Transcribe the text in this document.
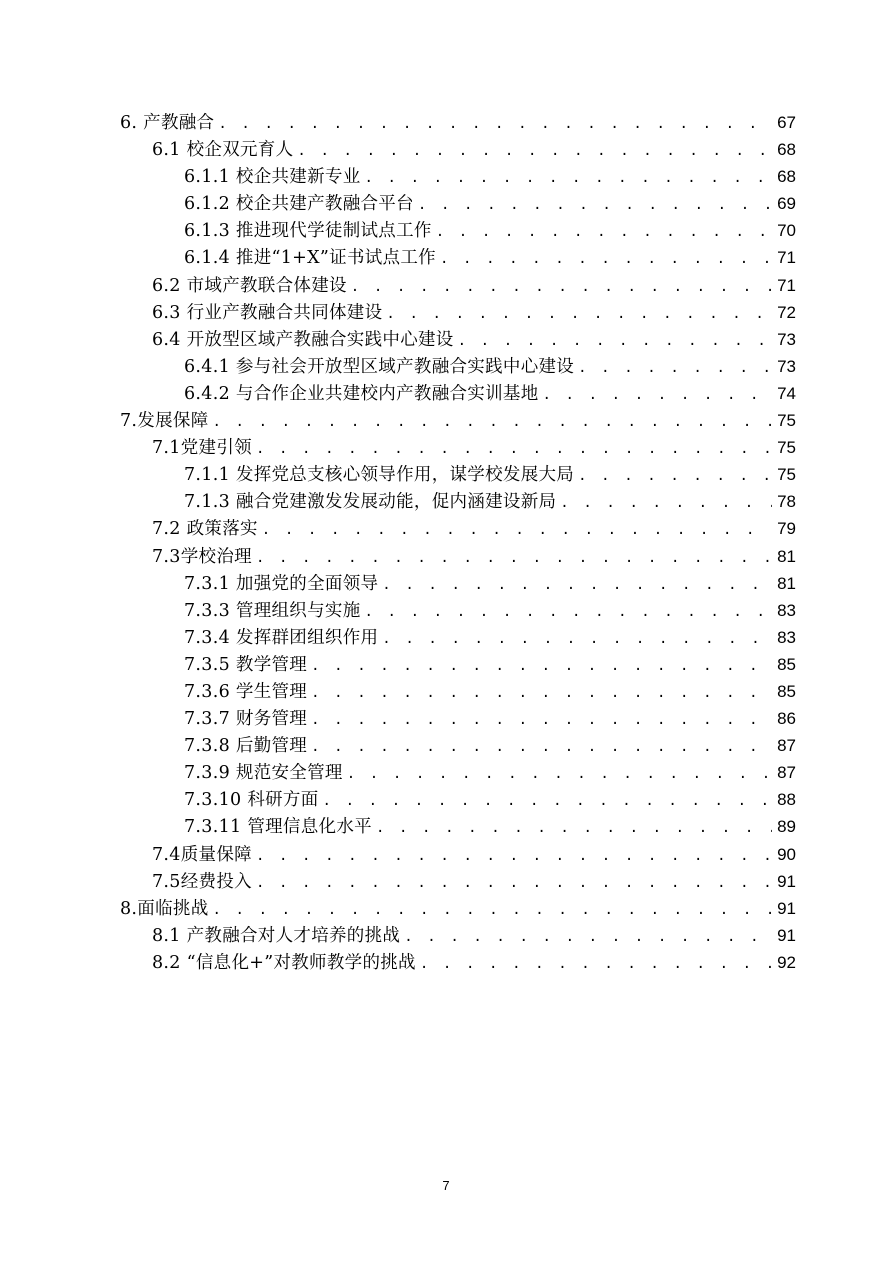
6. 产教融合 . . .	67
6.1 校企双元育人 . . .	68
6.1.1 校企共建新专业 . . .	68
6.1.2 校企共建产教融合平台 . . .	69
6.1.3 推进现代学徒制试点工作 . . .	70
6.1.4 推进“1+X”证书试点工作 . . .	71
6.2 市域产教联合体建设 . . .	71
6.3 行业产教融合共同体建设 . . .	72
6.4 开放型区域产教融合实践中心建设 . . .	73
6.4.1 参与社会开放型区域产教融合实践中心建设 . . .	73
6.4.2 与合作企业共建校内产教融合实训基地 . . .	74
7.发展保障 . . .	75
7.1党建引领 . . .	75
7.1.1 发挥党总支核心领导作用，谋学校发展大局 . . .	75
7.1.3 融合党建激发发展动能，促内涵建设新局 . . .	78
7.2 政策落实 . . .	79
7.3学校治理 . . .	81
7.3.1 加强党的全面领导 . . .	81
7.3.3 管理组织与实施 . . .	83
7.3.4 发挥群团组织作用 . . .	83
7.3.5 教学管理 . . .	85
7.3.6 学生管理 . . .	85
7.3.7 财务管理 . . .	86
7.3.8 后勤管理 . . .	87
7.3.9 规范安全管理 . . .	87
7.3.10 科研方面 . . .	88
7.3.11 管理信息化水平 . . .	89
7.4质量保障 . . .	90
7.5经费投入 . . .	91
8.面临挑战 . . .	91
8.1 产教融合对人才培养的挑战 . . .	91
8.2 “信息化+”对教师教学的挑战 . . .	92
7
